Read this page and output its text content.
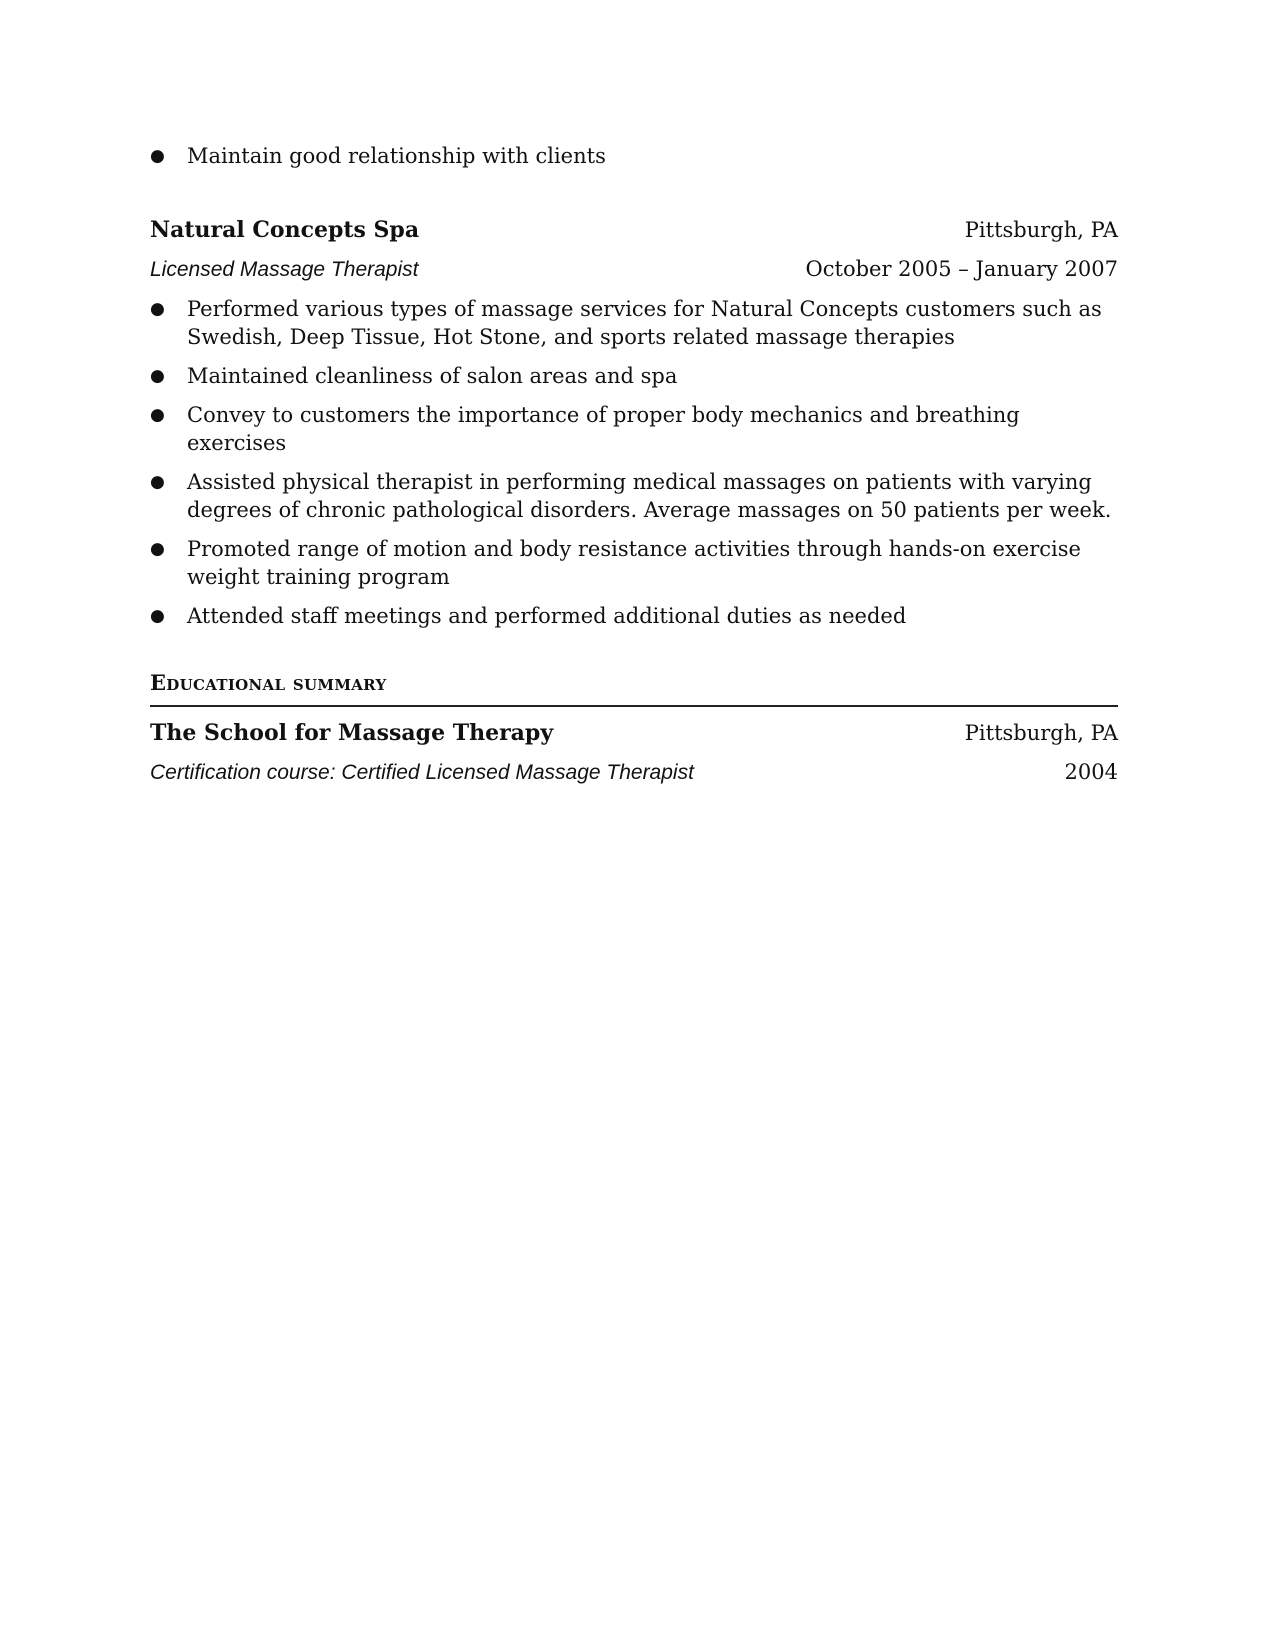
● Maintain good relationship with clients
Natural Concepts Spa	Pittsburgh, PA
Licensed Massage Therapist	October 2005 – January 2007
● Performed various types of massage services for Natural Concepts customers such as Swedish, Deep Tissue, Hot Stone, and sports related massage therapies
● Maintained cleanliness of salon areas and spa
● Convey to customers the importance of proper body mechanics and breathing exercises
● Assisted physical therapist in performing medical massages on patients with varying degrees of chronic pathological disorders. Average massages on 50 patients per week.
● Promoted range of motion and body resistance activities through hands-on exercise weight training program
● Attended staff meetings and performed additional duties as needed
Educational summary
The School for Massage Therapy	Pittsburgh, PA
Certification course: Certified Licensed Massage Therapist	2004
